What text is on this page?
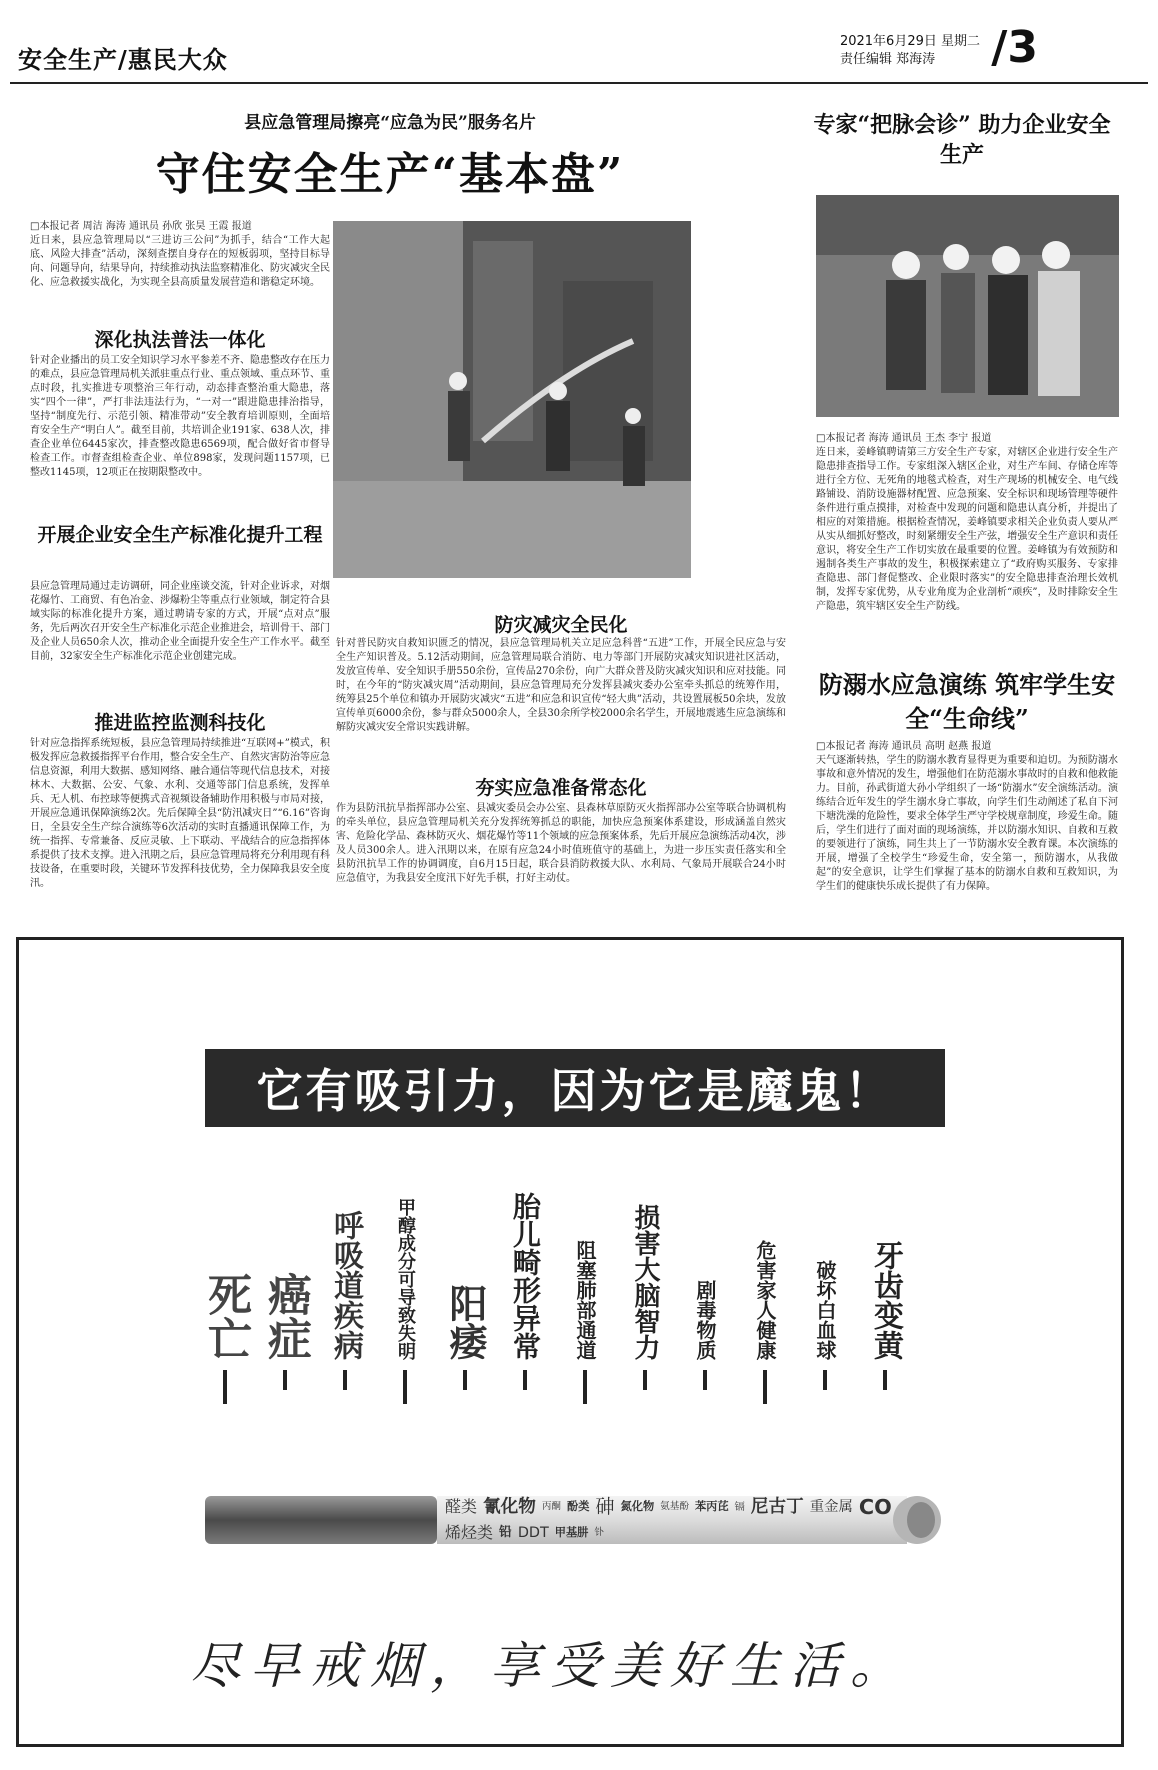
安全生产/惠民大众
2021年6月29日 星期二
责任编辑 郑海涛	/3
县应急管理局擦亮“应急为民”服务名片
守住安全生产“基本盘”
□本报记者 周洁 海涛 通讯员 孙欣 张昊 王霞 报道
近日来，县应急管理局以“三进访三公问”为抓手，结合“工作大起底、风险大排查”活动，深刻查摆自身存在的短板弱项，坚持目标导向、问题导向，结果导向，持续推动执法监察精准化、防灾减灾全民化、应急救援实战化，为实现全县高质量发展营造和谐稳定环境。
深化执法普法一体化
针对企业播出的员工安全知识学习水平参差不齐、隐患整改存在压力的难点，县应急管理局机关派驻重点行业、重点领域、重点环节、重点时段，扎实推进专项整治三年行动，动态排查整治重大隐患，落实“四个一律”，严打非法违法行为，“一对一”跟进隐患排治指导，坚持“制度先行、示范引领、精准带动”安全教育培训原则，全面培育安全生产“明白人”。截至目前，共培训企业191家、638人次，排查企业单位6445家次，排查整改隐患6569项，配合做好省市督导检查工作。市督查组检查企业、单位898家，发现问题1157项，已整改1145项，12项正在按期限整改中。
开展企业安全生产标准化提升工程
县应急管理局通过走访调研，同企业座谈交流，针对企业诉求，对烟花爆竹、工商贸、有色冶金、涉爆粉尘等重点行业领域，制定符合县域实际的标准化提升方案，通过聘请专家的方式，开展“点对点”服务，先后两次召开安全生产标准化示范企业推进会，培训骨干、部门及企业人员650余人次，推动企业全面提升安全生产工作水平。截至目前，32家安全生产标准化示范企业创建完成。
推进监控监测科技化
针对应急指挥系统短板，县应急管理局持续推进“互联网+”模式，积极发挥应急救援指挥平台作用，整合安全生产、自然灾害防治等应急信息资源，利用大数据、感知网络、融合通信等现代信息技术，对接林木、大数据、公安、气象、水利、交通等部门信息系统，发挥单兵、无人机、布控球等便携式音视频设备辅助作用积极与市局对接，开展应急通讯保障演练2次。先后保障全县“防汛减灾日”“6.16”咨询日，全县安全生产综合演练等6次活动的实时直播通讯保障工作，为统一指挥、专常兼备、反应灵敏、上下联动、平战结合的应急指挥体系提供了技术支撑。进入汛期之后，县应急管理局将充分利用现有科技设备，在重要时段，关键环节发挥科技优势，全力保障我县安全度汛。
防灾减灾全民化
针对普民防灾自救知识匮乏的情况，县应急管理局机关立足应急科普“五进”工作，开展全民应急与安全生产知识普及。5.12活动期间，应急管理局联合消防、电力等部门开展防灾减灾知识进社区活动，发放宣传单、安全知识手册550余份，宣传品270余份，向广大群众普及防灾减灾知识和应对技能。同时，在今年的“防灾减灾周”活动期间，县应急管理局充分发挥县减灾委办公室牵头抓总的统筹作用，统筹县25个单位和镇办开展防灾减灾“五进”和应急和识宣传“轻大典”活动，共设置展板50余块，发放宣传单页6000余份，参与群众5000余人，全县30余所学校2000余名学生，开展地震逃生应急演练和解防灾减灾安全常识实践讲解。
夯实应急准备常态化
作为县防汛抗旱指挥部办公室、县减灾委员会办公室、县森林草原防灭火指挥部办公室等联合协调机构的牵头单位，县应急管理局机关充分发挥统筹抓总的职能，加快应急预案体系建设，形成涵盖自然灾害、危险化学品、森林防灭火、烟花爆竹等11个领域的应急预案体系，先后开展应急演练活动4次，涉及人员300余人。进入汛期以来，在原有应急24小时值班值守的基础上，为进一步压实责任落实和全县防汛抗旱工作的协调调度，自6月15日起，联合县消防救援大队、水利局、气象局开展联合24小时应急值守，为我县安全度汛下好先手棋，打好主动仗。
专家“把脉会诊” 助力企业安全生产
□本报记者 海涛 通讯员 王杰 李宁 报道
连日来，姜峰镇聘请第三方安全生产专家，对辖区企业进行安全生产隐患排查指导工作。专家组深入辖区企业，对生产车间、存储仓库等进行全方位、无死角的地毯式检查，对生产现场的机械安全、电气线路铺设、消防设施器材配置、应急预案、安全标识和现场管理等硬件条件进行重点摸排，对检查中发现的问题和隐患认真分析，并提出了相应的对策措施。根据检查情况，姜峰镇要求相关企业负责人要从严从实从细抓好整改，时刻紧绷安全生产弦，增强安全生产意识和责任意识，将安全生产工作切实放在最重要的位置。姜峰镇为有效预防和遏制各类生产事故的发生，积极探索建立了“政府购买服务、专家排查隐患、部门督促整改、企业限时落实”的安全隐患排查治理长效机制，发挥专家优势，从专业角度为企业剖析“顽疾”，及时排除安全生产隐患，筑牢辖区安全生产防线。
防溺水应急演练 筑牢学生安全“生命线”
□本报记者 海涛 通讯员 高明 赵燕 报道
天气逐渐转热，学生的防溺水教育显得更为重要和迫切。为预防溺水事故和意外情况的发生，增强他们在防范溺水事故时的自救和他救能力。目前，孙武街道大孙小学组织了一场“防溺水”安全演练活动。演练结合近年发生的学生溺水身亡事故，向学生们生动阐述了私自下河下塘洗澡的危险性，要求全体学生严守学校规章制度，珍爱生命。随后，学生们进行了面对面的现场演练，并以防溺水知识、自救和互救的要领进行了演练，同生共上了一节防溺水安全教育课。本次演练的开展，增强了全校学生“珍爱生命，安全第一，预防溺水，从我做起”的安全意识，让学生们掌握了基本的防溺水自救和互救知识，为学生们的健康快乐成长提供了有力保障。
它有吸引力，因为它是魔鬼！
死亡 癌症 呼吸道疾病 甲醇成分可导致失明 阳痿 胎儿畸形异常 阻塞肺部通道 损害大脑智力 剧毒物质 危害家人健康 破坏白血球 牙齿变黄
醛类 氰化物 丙酮 酚类 砷 氮化物 氨基酚 苯丙芘 镉 尼古丁 重金属 CO
烯烃类 铅 DDT 甲基肼 钋
尽早戒烟，享受美好生活。
